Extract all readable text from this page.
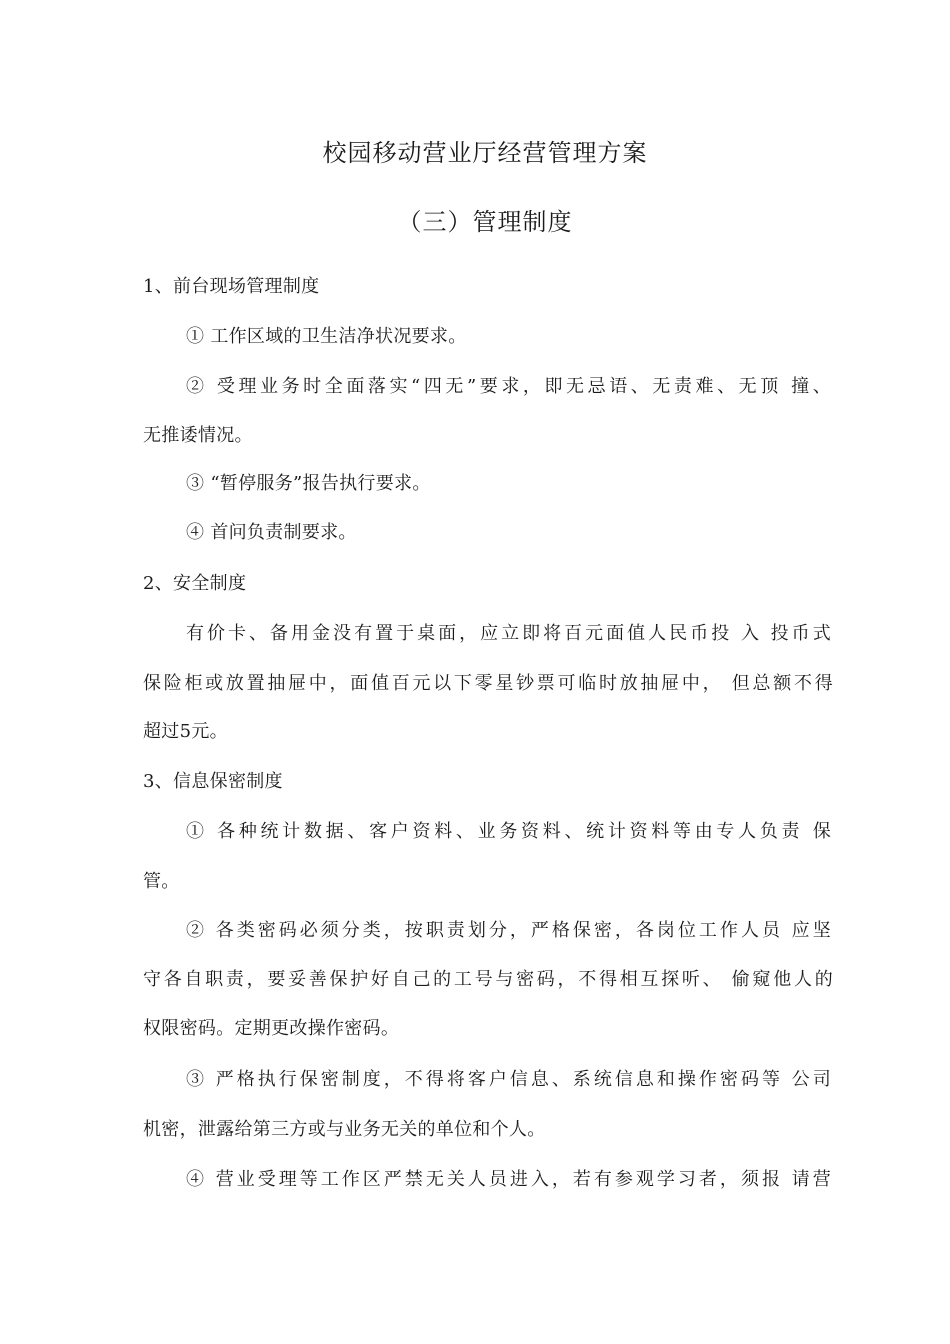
校园移动营业厅经营管理方案
（三）管理制度
1、前台现场管理制度
① 工作区域的卫生洁净状况要求。
② 受理业务时全面落实“四无”要求，即无忌语、无责难、无顶 撞、
无推诿情况。
③ “暂停服务”报告执行要求。
④ 首问负责制要求。
2、安全制度
有价卡、备用金没有置于桌面，应立即将百元面值人民币投 入 投币式
保险柜或放置抽屉中，面值百元以下零星钞票可临时放抽屉中， 但总额不得
超过5元。
3、信息保密制度
① 各种统计数据、客户资料、业务资料、统计资料等由专人负责 保
管。
② 各类密码必须分类，按职责划分，严格保密，各岗位工作人员 应坚
守各自职责，要妥善保护好自己的工号与密码，不得相互探听、 偷窥他人的
权限密码。定期更改操作密码。
③ 严格执行保密制度，不得将客户信息、系统信息和操作密码等 公司
机密，泄露给第三方或与业务无关的单位和个人。
④ 营业受理等工作区严禁无关人员进入，若有参观学习者，须报 请营
